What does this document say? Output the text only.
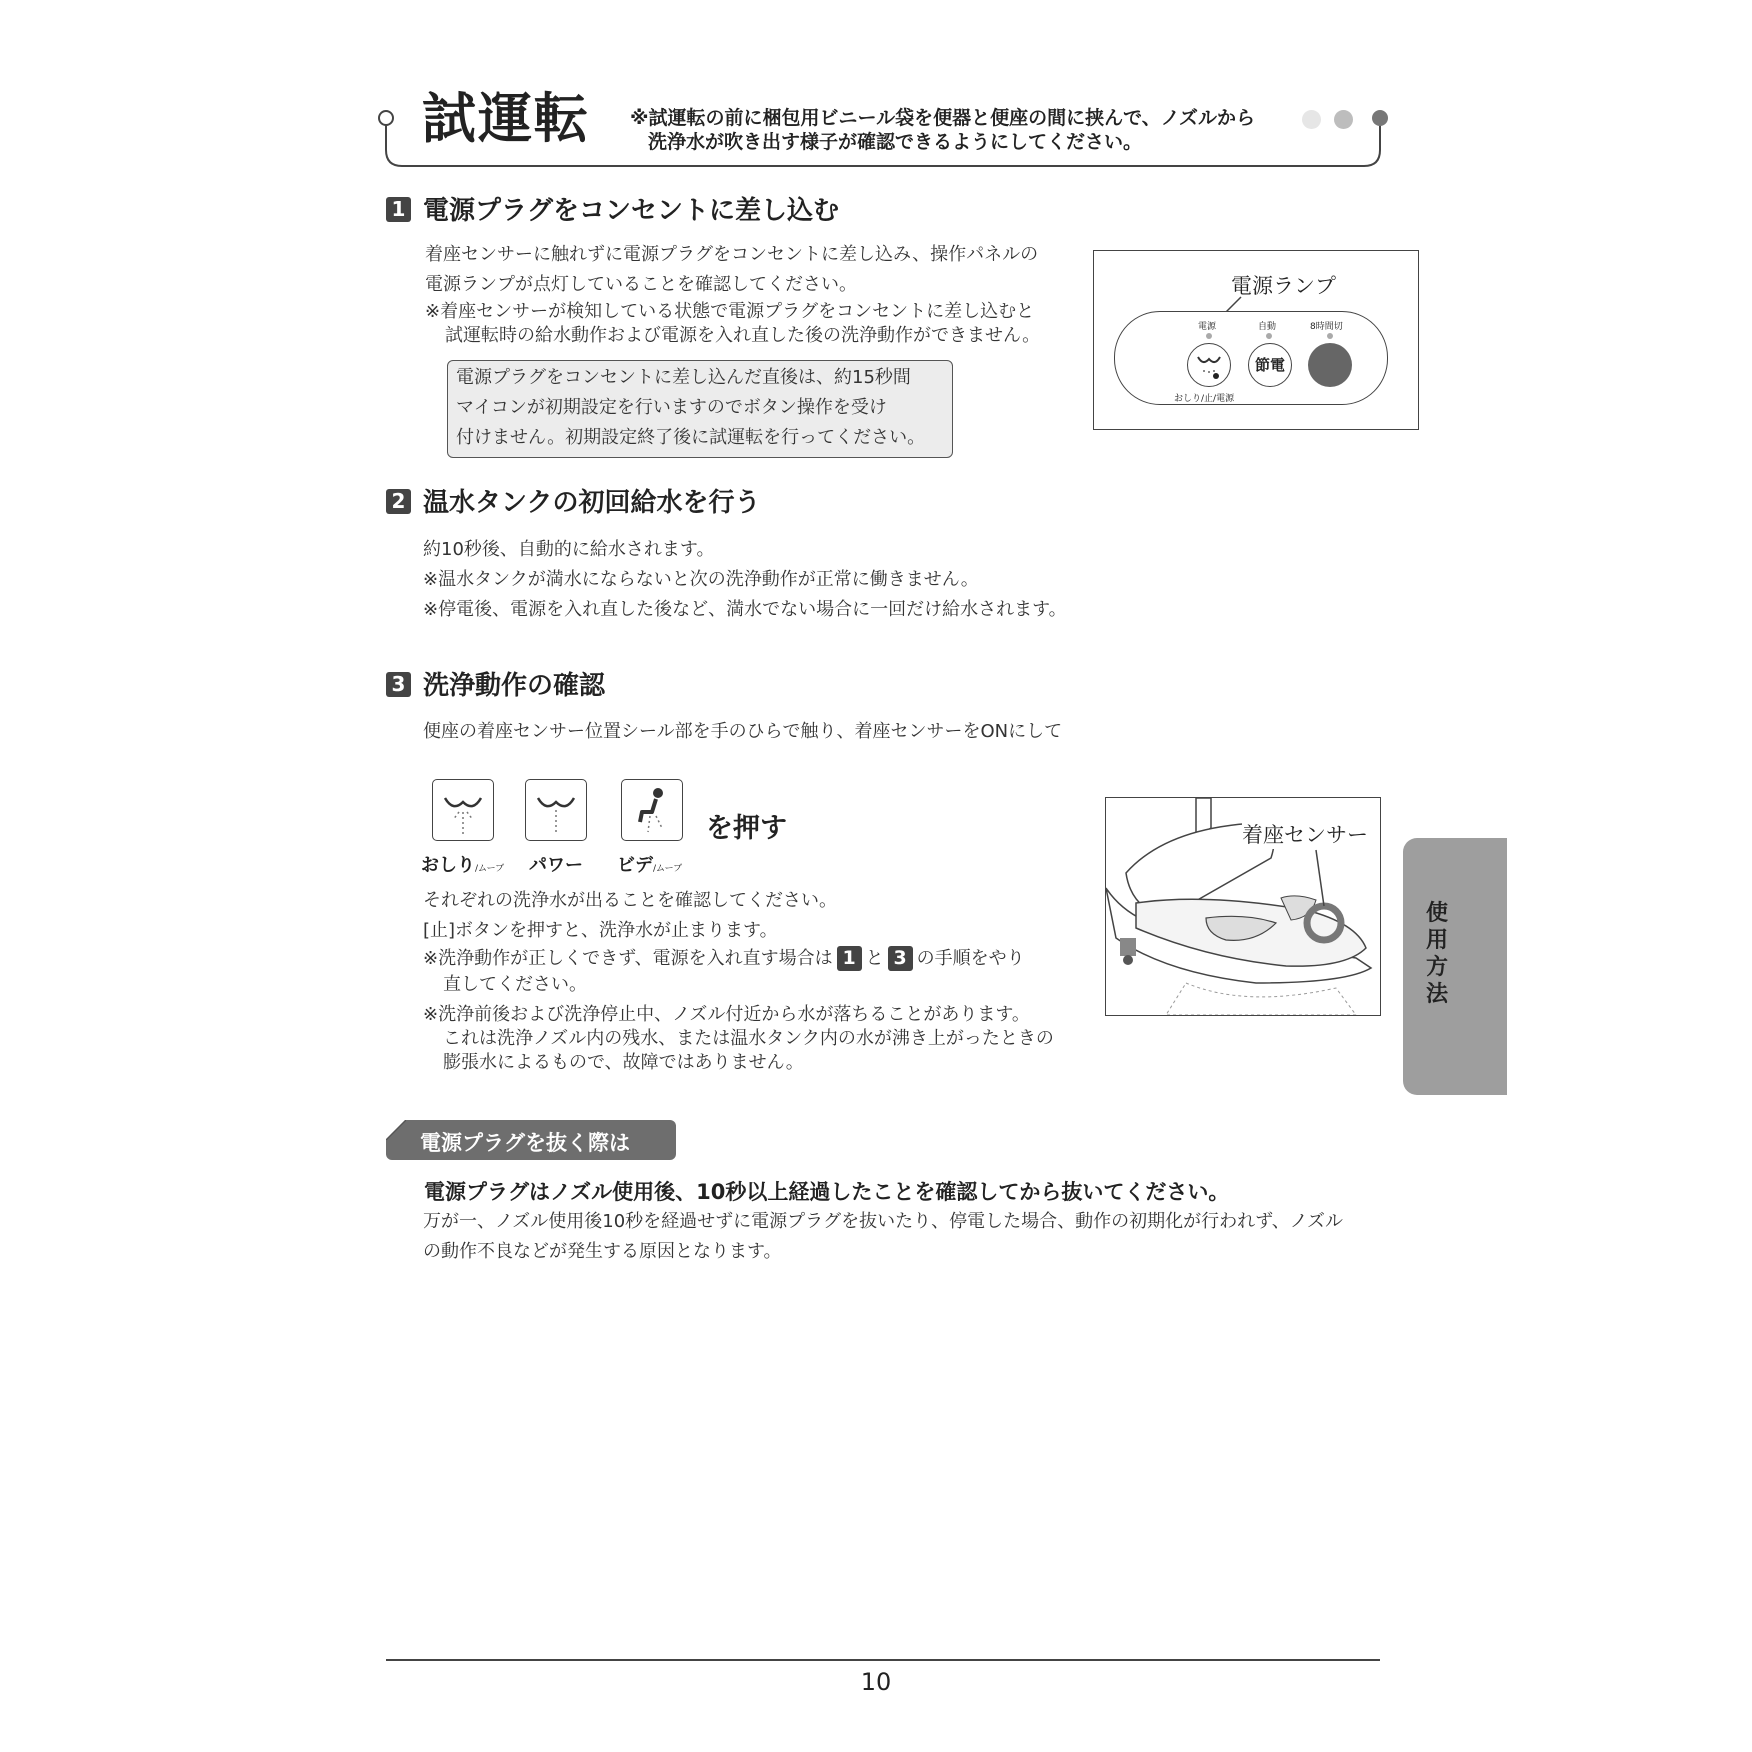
試運転 ※試運転の前に梱包用ビニール袋を便器と便座の間に挟んで、ノズルから
洗浄水が吹き出す様子が確認できるようにしてください。
1 電源プラグをコンセントに差し込む
着座センサーに触れずに電源プラグをコンセントに差し込み、操作パネルの
電源ランプが点灯していることを確認してください。
※着座センサーが検知している状態で電源プラグをコンセントに差し込むと
試運転時の給水動作および電源を入れ直した後の洗浄動作ができません。
電源プラグをコンセントに差し込んだ直後は、約15秒間
マイコンが初期設定を行いますのでボタン操作を受け
付けません。初期設定終了後に試運転を行ってください。
電源ランプ
電源	自動	8時間切
節電
おしり/止/電源
2 温水タンクの初回給水を行う
約10秒後、自動的に給水されます。
※温水タンクが満水にならないと次の洗浄動作が正常に働きません。
※停電後、電源を入れ直した後など、満水でない場合に一回だけ給水されます。
3 洗浄動作の確認
便座の着座センサー位置シール部を手のひらで触り、着座センサーをONにして
おしり/ムーブ パワー ビデ/ムーブ
を押す
それぞれの洗浄水が出ることを確認してください。
[止]ボタンを押すと、洗浄水が止まります。
※洗浄動作が正しくできず、電源を入れ直す場合は 1 と 3 の手順をやり
直してください。
※洗浄前後および洗浄停止中、ノズル付近から水が落ちることがあります。
これは洗浄ノズル内の残水、または温水タンク内の水が沸き上がったときの
膨張水によるもので、故障ではありません。
着座センサー
使用方法
電源プラグを抜く際は
電源プラグはノズル使用後、10秒以上経過したことを確認してから抜いてください。
万が一、ノズル使用後10秒を経過せずに電源プラグを抜いたり、停電した場合、動作の初期化が行われず、ノズル
の動作不良などが発生する原因となります。
10
